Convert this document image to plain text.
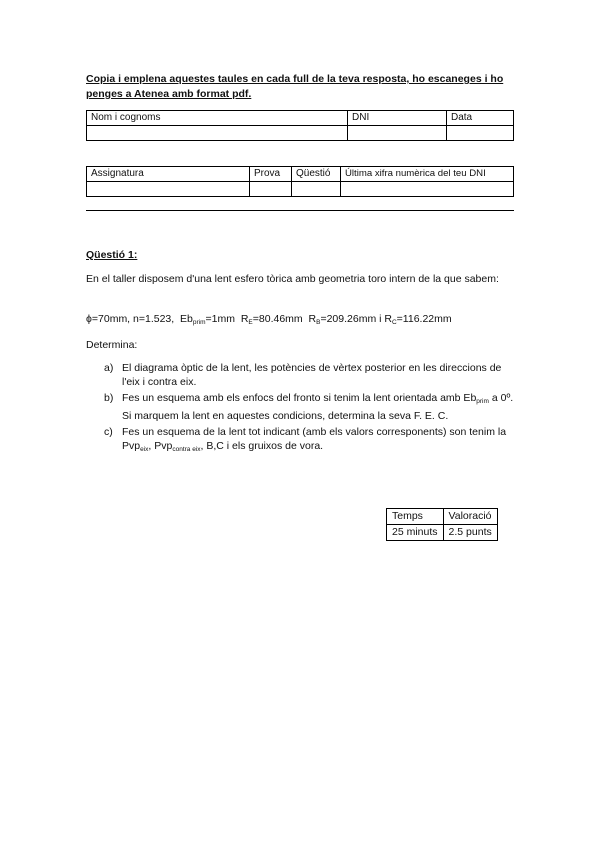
Copia i emplena aquestes taules en cada full de la teva resposta, ho escaneges i ho penges a Atenea amb format pdf.
Nom i cognoms	DNI	Data

Assignatura	Prova	Qüestió	Última xifra numèrica del teu DNI

Qüestió 1:
En el taller disposem d'una lent esfero tòrica amb geometria toro intern de la que sabem:
ϕ=70mm, n=1.523, $Eb_{prim}=1mm$ $R_E=80.46mm$ $R_B=209.26mm$ i $R_C=116.22mm$
Determina:
a) El diagrama òptic de la lent, les potències de vèrtex posterior en les direccions de l'eix i contra eix.
b) Fes un esquema amb els enfocs del fronto si tenim la lent orientada amb $Eb_{prim}$ a 0º. Si marquem la lent en aquestes condicions, determina la seva F. E. C.
c) Fes un esquema de la lent tot indicant (amb els valors corresponents) son tenim la Pvp$_{eix}$, Pvp$_{contra eix}$, B,C i els gruixos de vora.
Temps	Valoració
25 minuts	2.5 punts
